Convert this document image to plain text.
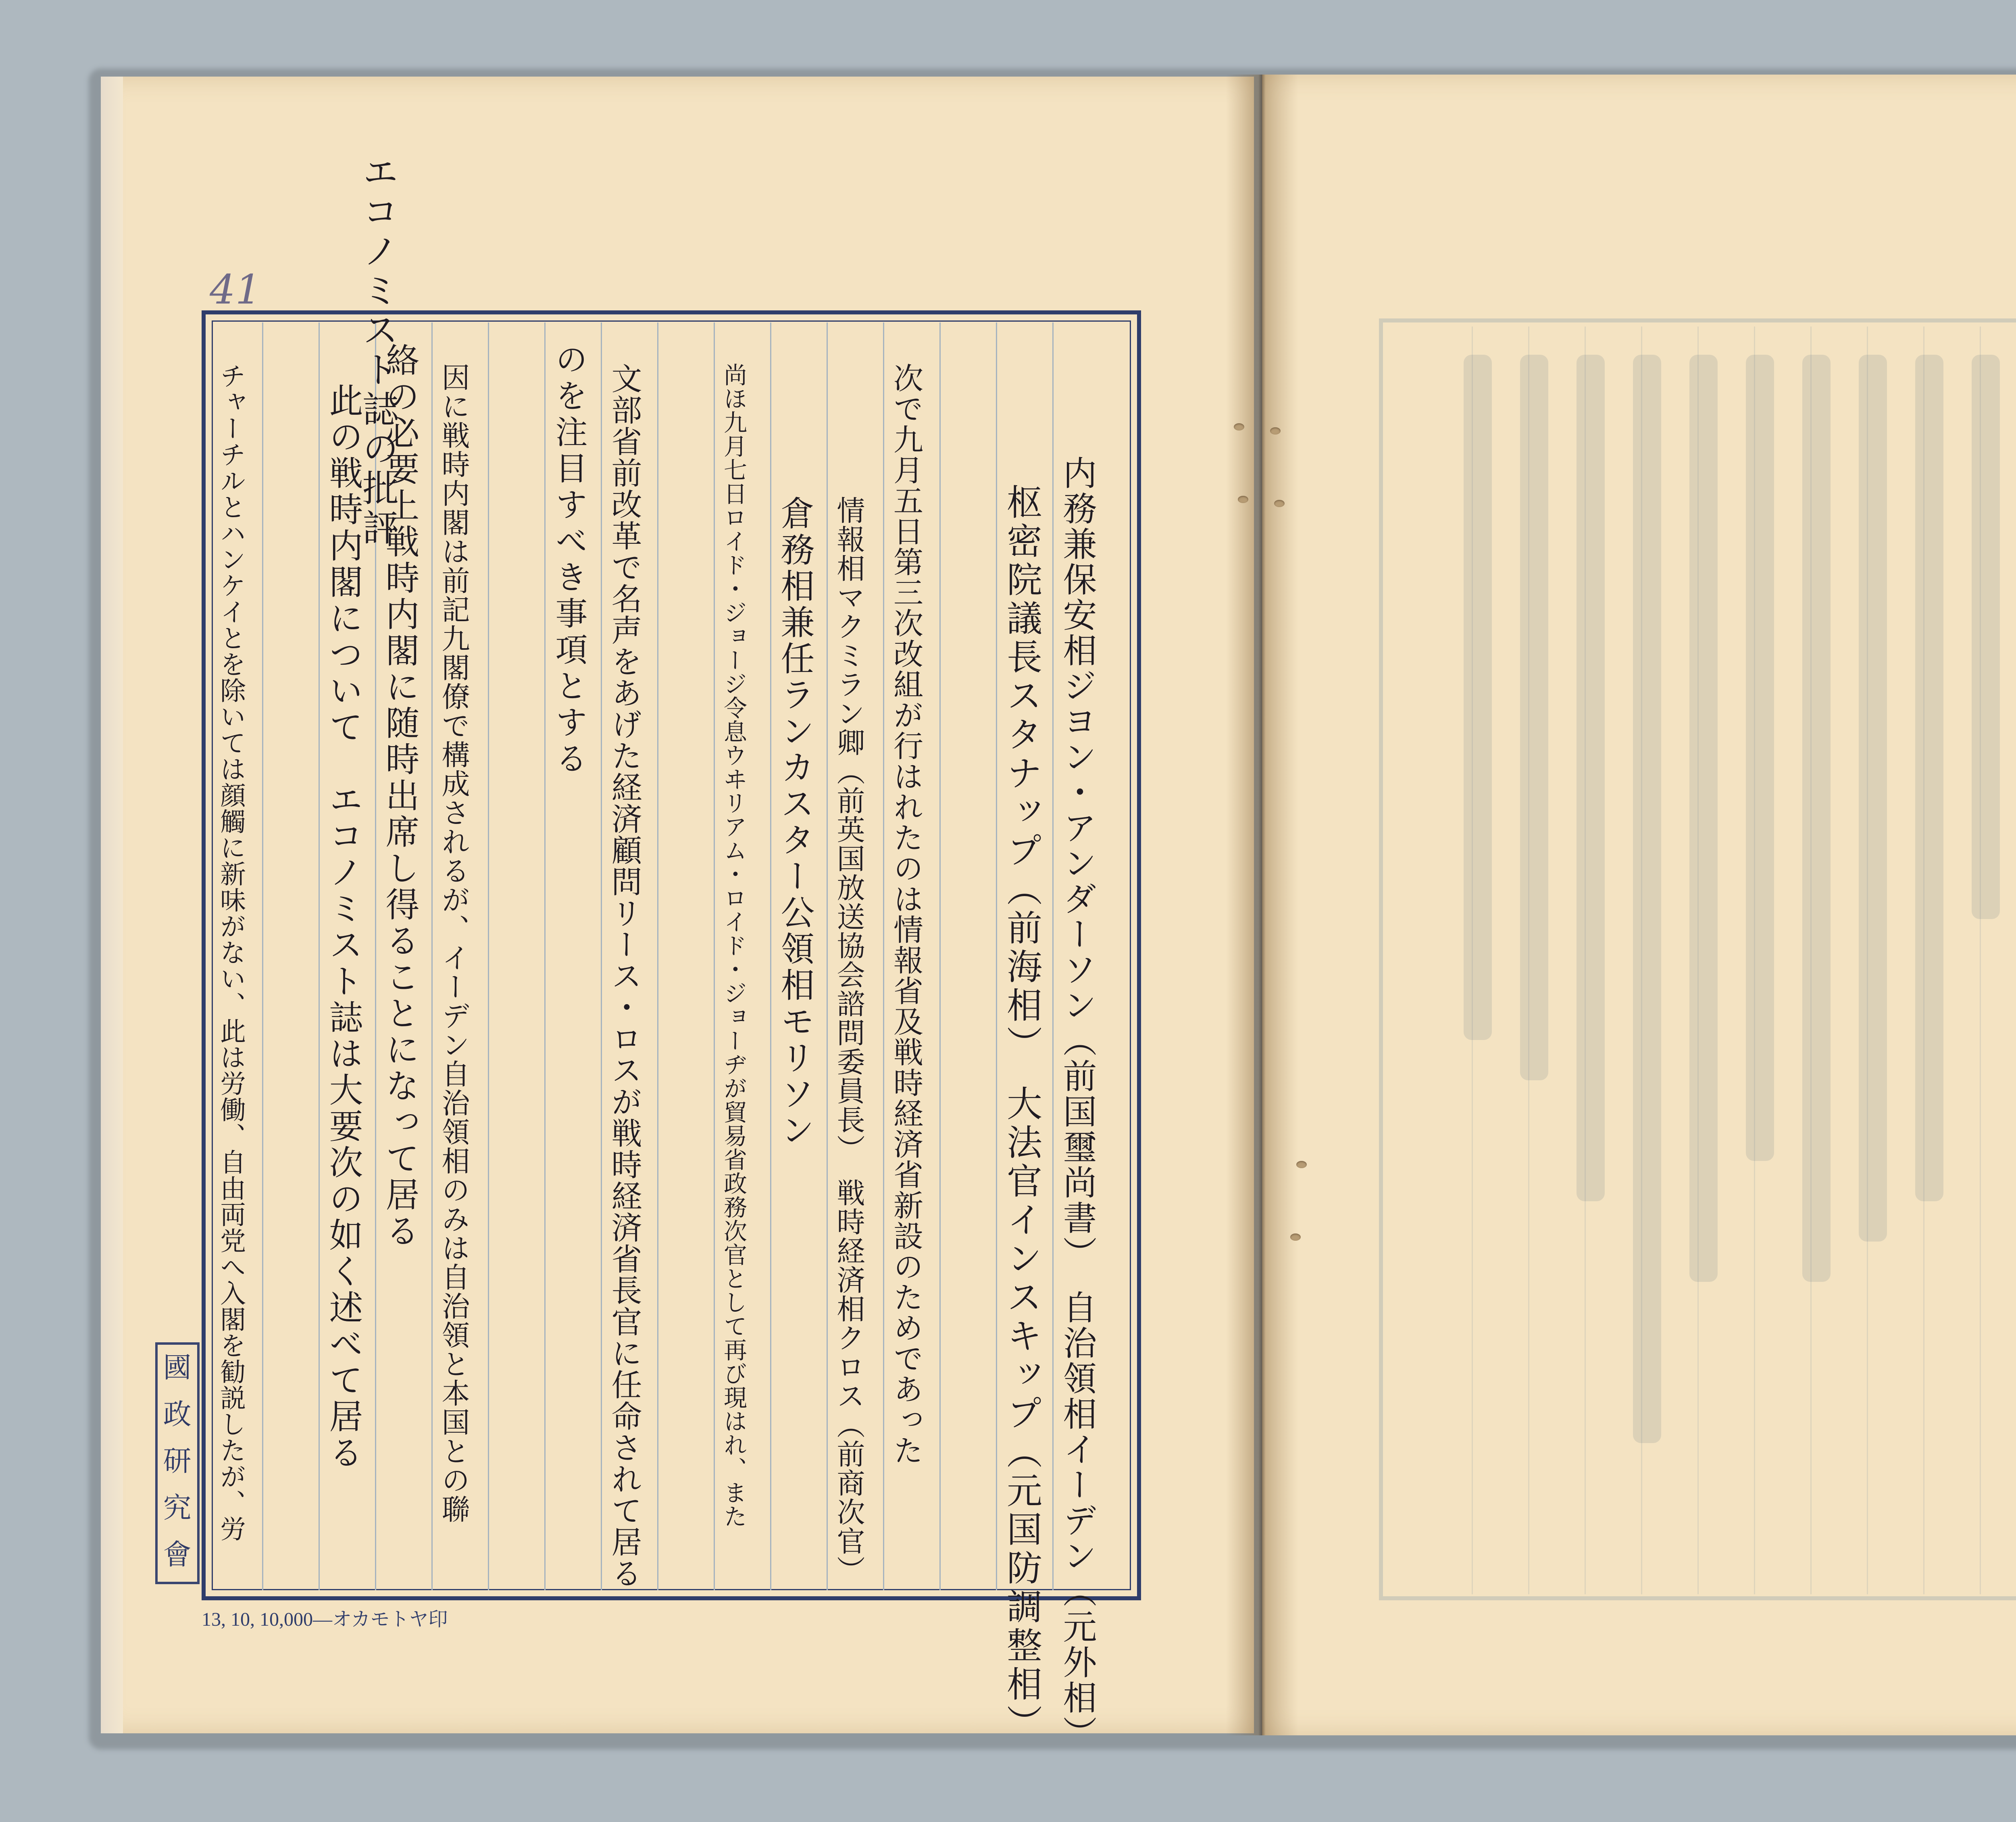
41	エコノミスト誌の批評
内務兼保安相ジヨン・アンダーソン（前国璽尚書）　自治領相イーデン（元外相）
枢密院議長スタナップ（前海相）　大法官インスキップ（元国防調整相）
次で九月五日第三次改組が行はれたのは情報省及戦時経済省新設のためであった
情報相マクミラン卿（前英国放送協会諮問委員長）　戦時経済相クロス（前商次官）
倉務相兼任ランカスター公領相モリソン
尚ほ九月七日ロイド・ジョージ令息ウヰリアム・ロイド・ジョーヂが貿易省政務次官として再び現はれ、また
文部省前改革で名声をあげた経済顧問リース・ロスが戦時経済省長官に任命されて居る
のを注目すべき事項とする
因に戦時内閣は前記九閣僚で構成されるが、イーデン自治領相のみは自治領と本国との聯
絡の必要上戦時内閣に随時出席し得ることになって居る
此の戦時内閣について　エコノミスト誌は大要次の如く述べて居る
チャーチルとハンケイとを除いては顔觸に新味がない、此は労働、自由両党へ入閣を勧説したが、労
國政研究會
13, 10, 10,000—オカモトヤ印
